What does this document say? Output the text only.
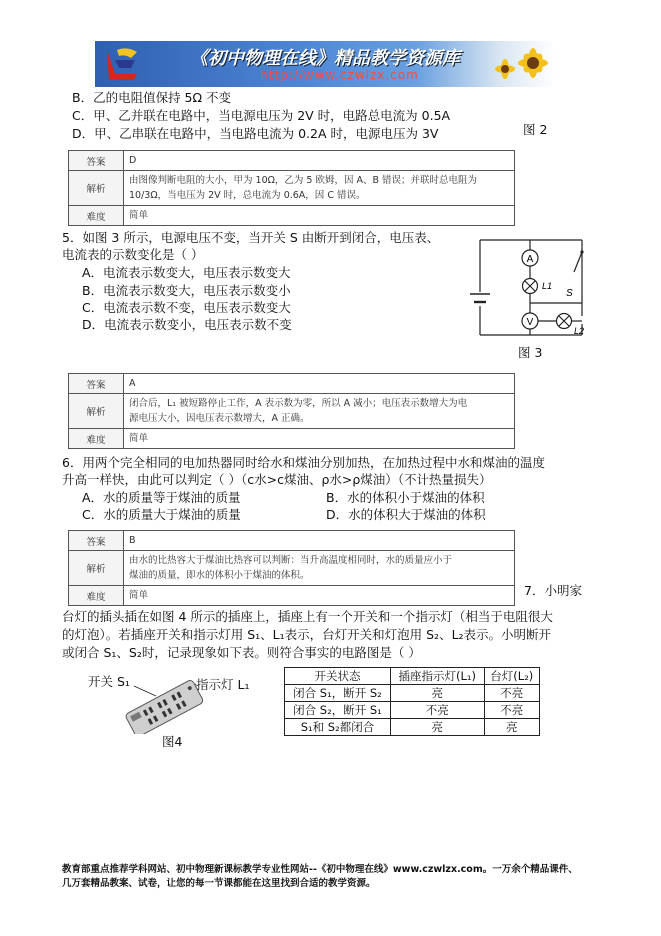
《初中物理在线》精品教学资源库
http://www.czwlzx.com
B．乙的电阻值保持 5Ω 不变
C．甲、乙并联在电路中，当电源电压为 2V 时，电路总电流为 0.5A
D．甲、乙串联在电路中，当电路电流为 0.2A 时，电源电压为 3V	图 2
答案	D
解析	由图像判断电阻的大小，甲为 10Ω，乙为 5 欧姆，因 A、B 错误；并联时总电阻为 10/3Ω，当电压为 2V 时，总电流为 0.6A，因 C 错误。
难度	简单
5．如图 3 所示，电源电压不变，当开关 S 由断开到闭合，电压表、
电流表的示数变化是（ ）
A．电流表示数变大，电压表示数变大
B．电流表示数变大，电压表示数变小
C．电流表示数不变，电压表示数变大
D．电流表示数变小，电压表示数不变
A
L1
V
L2
S
图 3
答案	A
解析	闭合后，L₁ 被短路停止工作，A 表示数为零，所以 A 减小；电压表示数增大为电
源电压大小，因电压表示数增大，A 正确。

难度	简单
6．用两个完全相同的电加热器同时给水和煤油分别加热，在加热过程中水和煤油的温度
升高一样快，由此可以判定（ ）（c水>c煤油、ρ水>ρ煤油）（不计热量损失）
A．水的质量等于煤油的质量	B．水的体积小于煤油的体积
C．水的质量大于煤油的质量	D．水的体积大于煤油的体积
答案	B
解析	由水的比热容大于煤油比热容可以判断：当升高温度相同时，水的质量应小于
煤油的质量，即水的体积小于煤油的体积。

难度	简单	7．小明家
台灯的插头插在如图 4 所示的插座上，插座上有一个开关和一个指示灯（相当于电阻很大
的灯泡）。若插座开关和指示灯用 S₁、L₁表示，台灯开关和灯泡用 S₂、L₂表示。小明断开
或闭合 S₁、S₂时，记录现象如下表。则符合事实的电路图是（ ）
开关 S₁	指示灯 L₁
图4
开关状态	插座指示灯(L₁)	台灯(L₂)
闭合 S₁，断开 S₂	亮	不亮
闭合 S₂，断开 S₁	不亮	不亮
S₁和 S₂都闭合	亮	亮
教育部重点推荐学科网站、初中物理新课标教学专业性网站--《初中物理在线》www.czwlzx.com。一万余个精品课件、
几万套精品教案、试卷，让您的每一节课都能在这里找到合适的教学资源。
